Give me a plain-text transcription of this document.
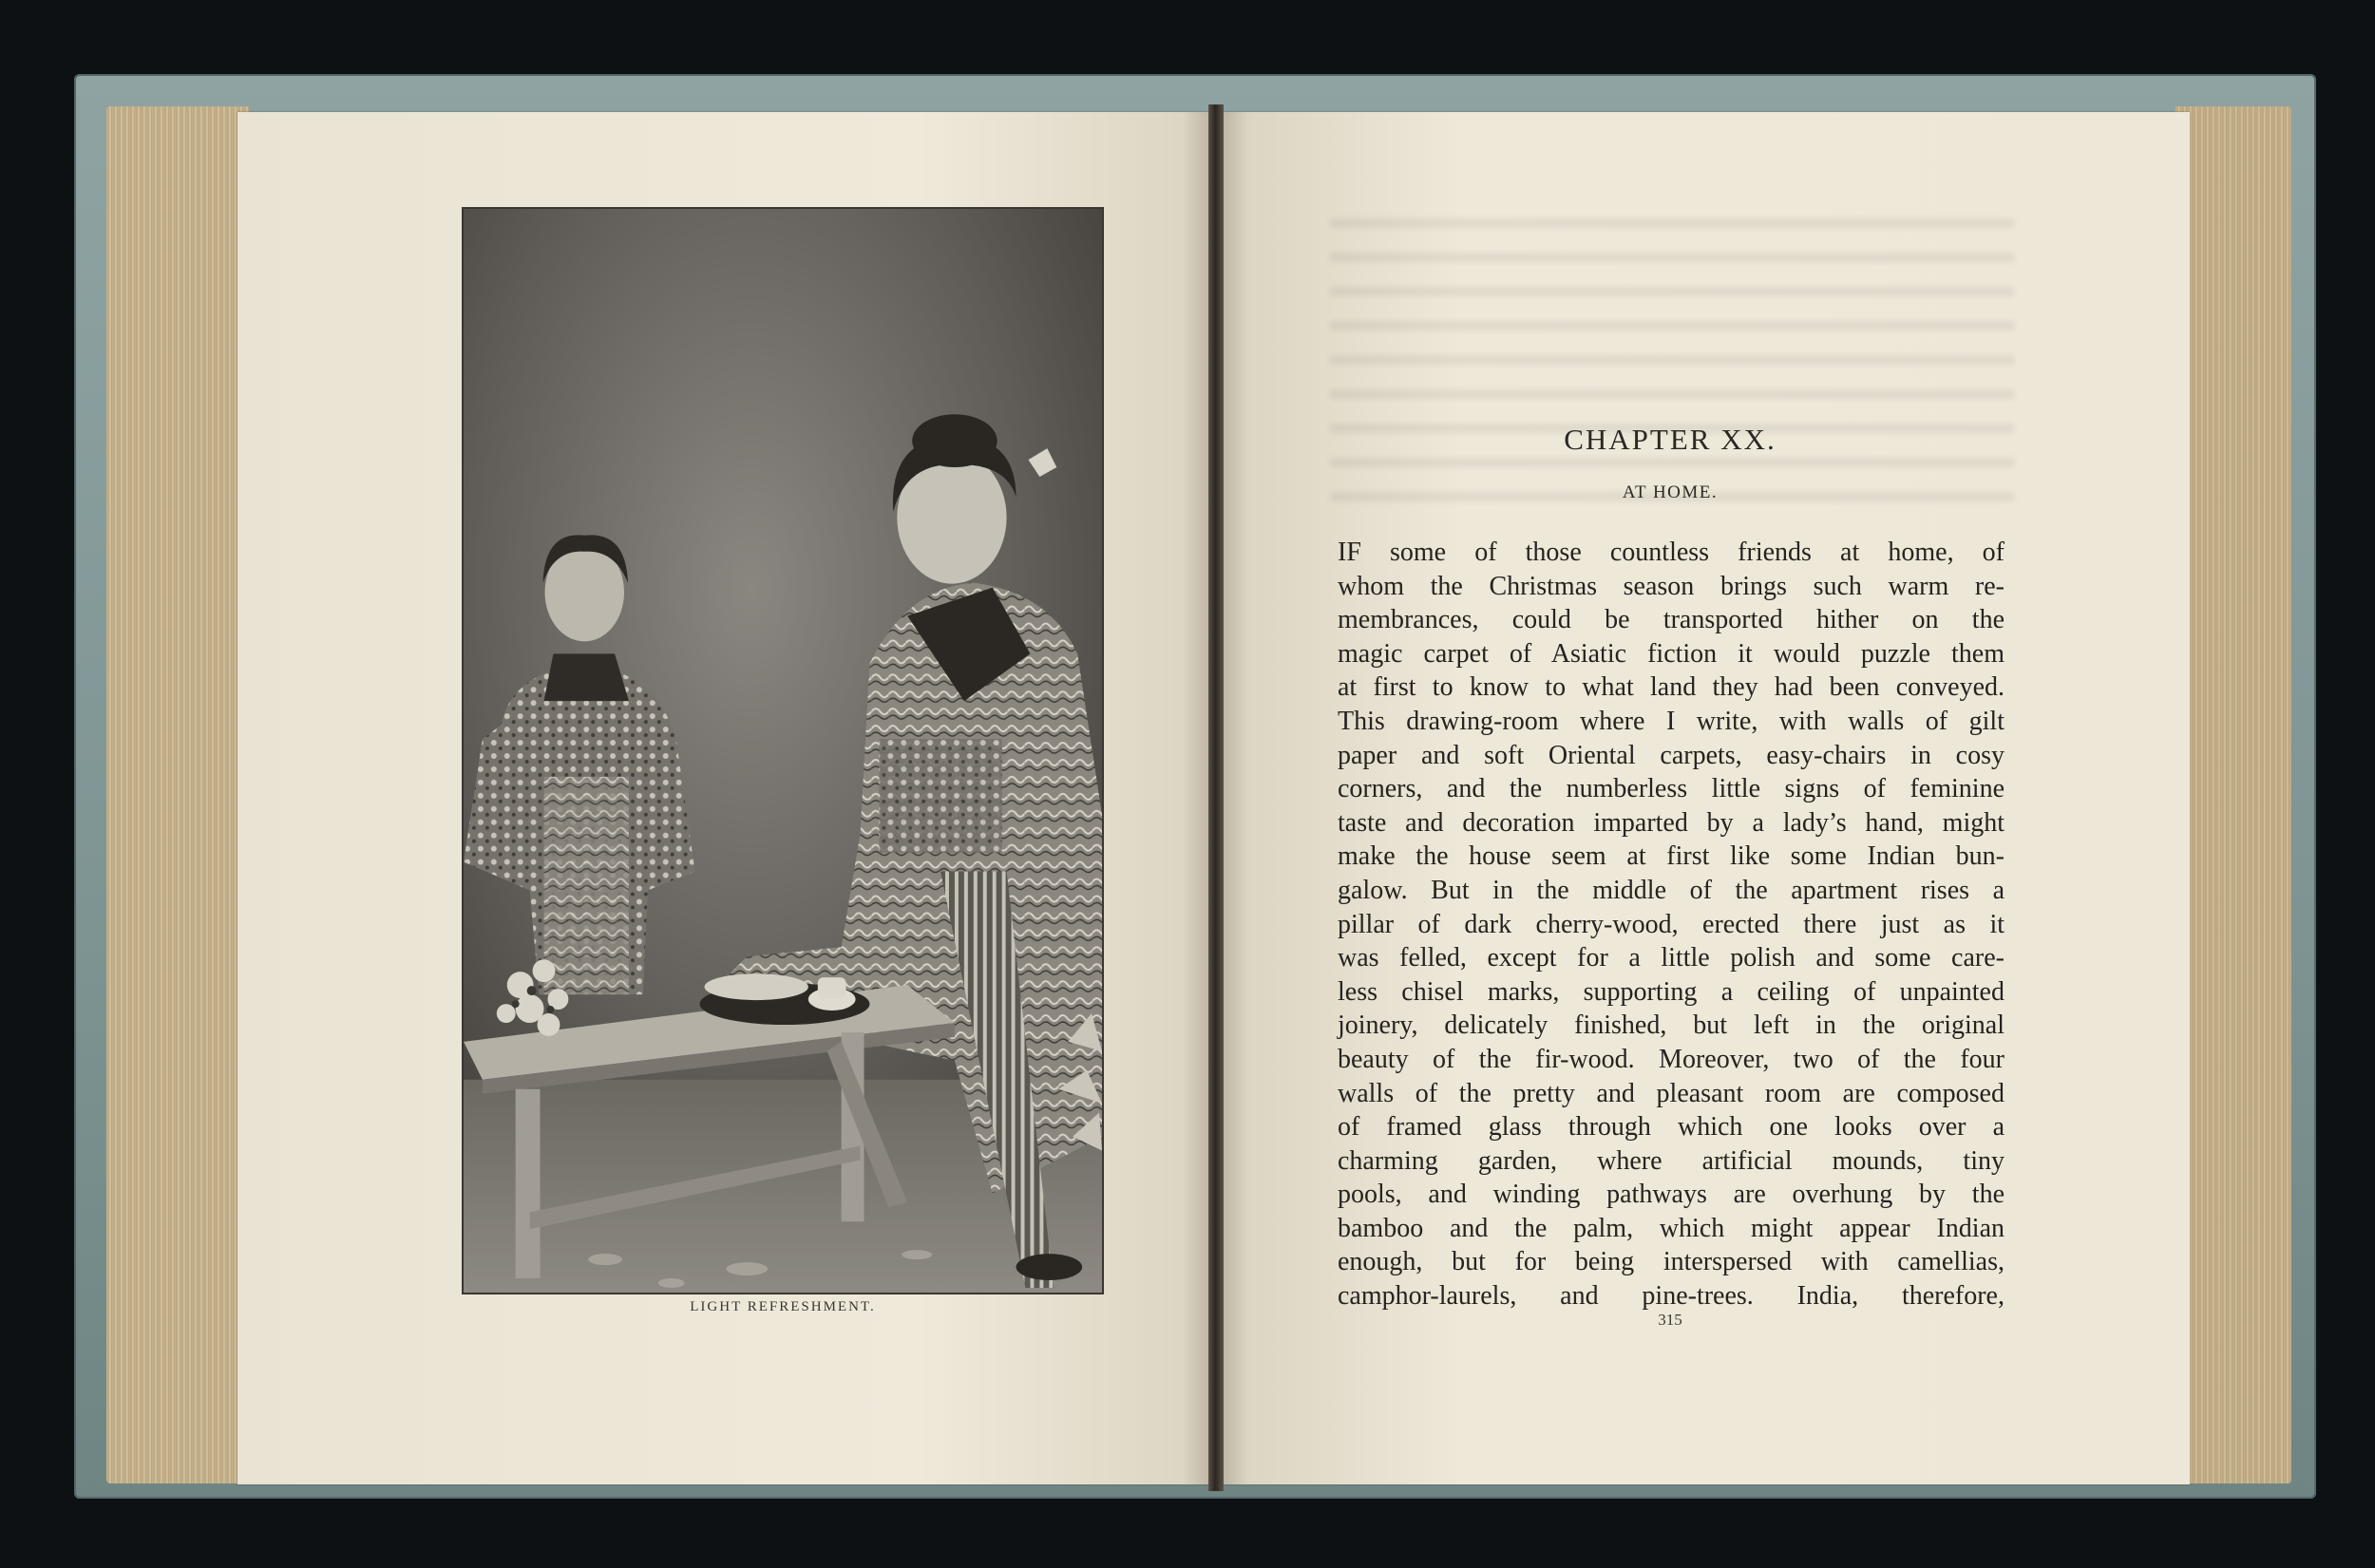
LIGHT REFRESHMENT.
CHAPTER XX.
AT HOME.
IF some of those countless friends at home, of
whom the Christmas season brings such warm re-
membrances, could be transported hither on the
magic carpet of Asiatic fiction it would puzzle them
at first to know to what land they had been conveyed.
This drawing-room where I write, with walls of gilt
paper and soft Oriental carpets, easy-chairs in cosy
corners, and the numberless little signs of feminine
taste and decoration imparted by a lady’s hand, might
make the house seem at first like some Indian bun-
galow. But in the middle of the apartment rises a
pillar of dark cherry-wood, erected there just as it
was felled, except for a little polish and some care-
less chisel marks, supporting a ceiling of unpainted
joinery, delicately finished, but left in the original
beauty of the fir-wood. Moreover, two of the four
walls of the pretty and pleasant room are composed
of framed glass through which one looks over a
charming garden, where artificial mounds, tiny
pools, and winding pathways are overhung by the
bamboo and the palm, which might appear Indian
enough, but for being interspersed with camellias,
camphor-laurels, and pine-trees. India, therefore,
315
